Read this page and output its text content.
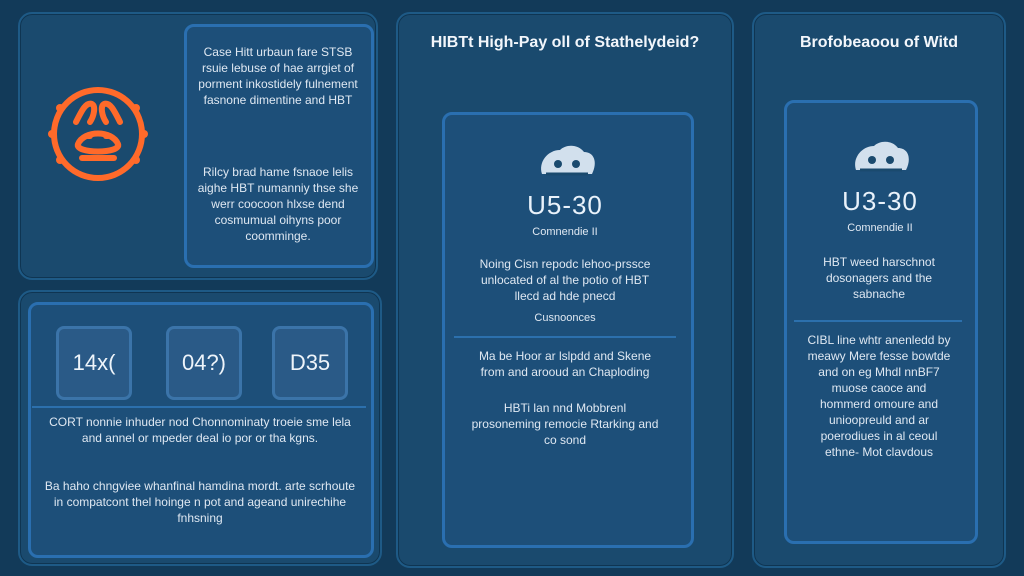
Case Hitt urbaun fare STSB rsuie lebuse of hae arrgiet of porment inkostidely fulnement fasnone dimentine and HBT
Rilcy brad hame fsnaoe lelis aighe HBT numanniy thse she werr coocoon hlxse dend cosmumual oihyns poor coomminge.
14x(	04?)	D35
CORT nonnie inhuder nod Chonnominaty troeie sme lela and annel or mpeder deal io por or tha kgns.
Ba haho chngviee whanfinal hamdina mordt. arte scrhoute in compatcont thel hoinge n pot and ageand unirechihe fnhsning
HIBTt High-Pay oll of Stathelydeid?
U5-30
Comnendie II
Noing Cisn repodc lehoo-prssce unlocated of al the potio of HBT llecd ad hde pnecd
Cusnoonces
Ma be Hoor ar lslpdd and Skene from and arooud an Chaploding
HBTi lan nnd Mobbrenl prosoneming remocie Rtarking and co sond
Brofobeaoou of Witd
U3-30
Comnendie II
HBT weed harschnot dosonagers and the sabnache
CIBL line whtr anenledd by meawy Mere fesse bowtde and on eg Mhdl nnBF7 muose caoce and hommerd omoure and unioopreuld and ar poerodiues in al ceoul ethne- Mot clavdous
